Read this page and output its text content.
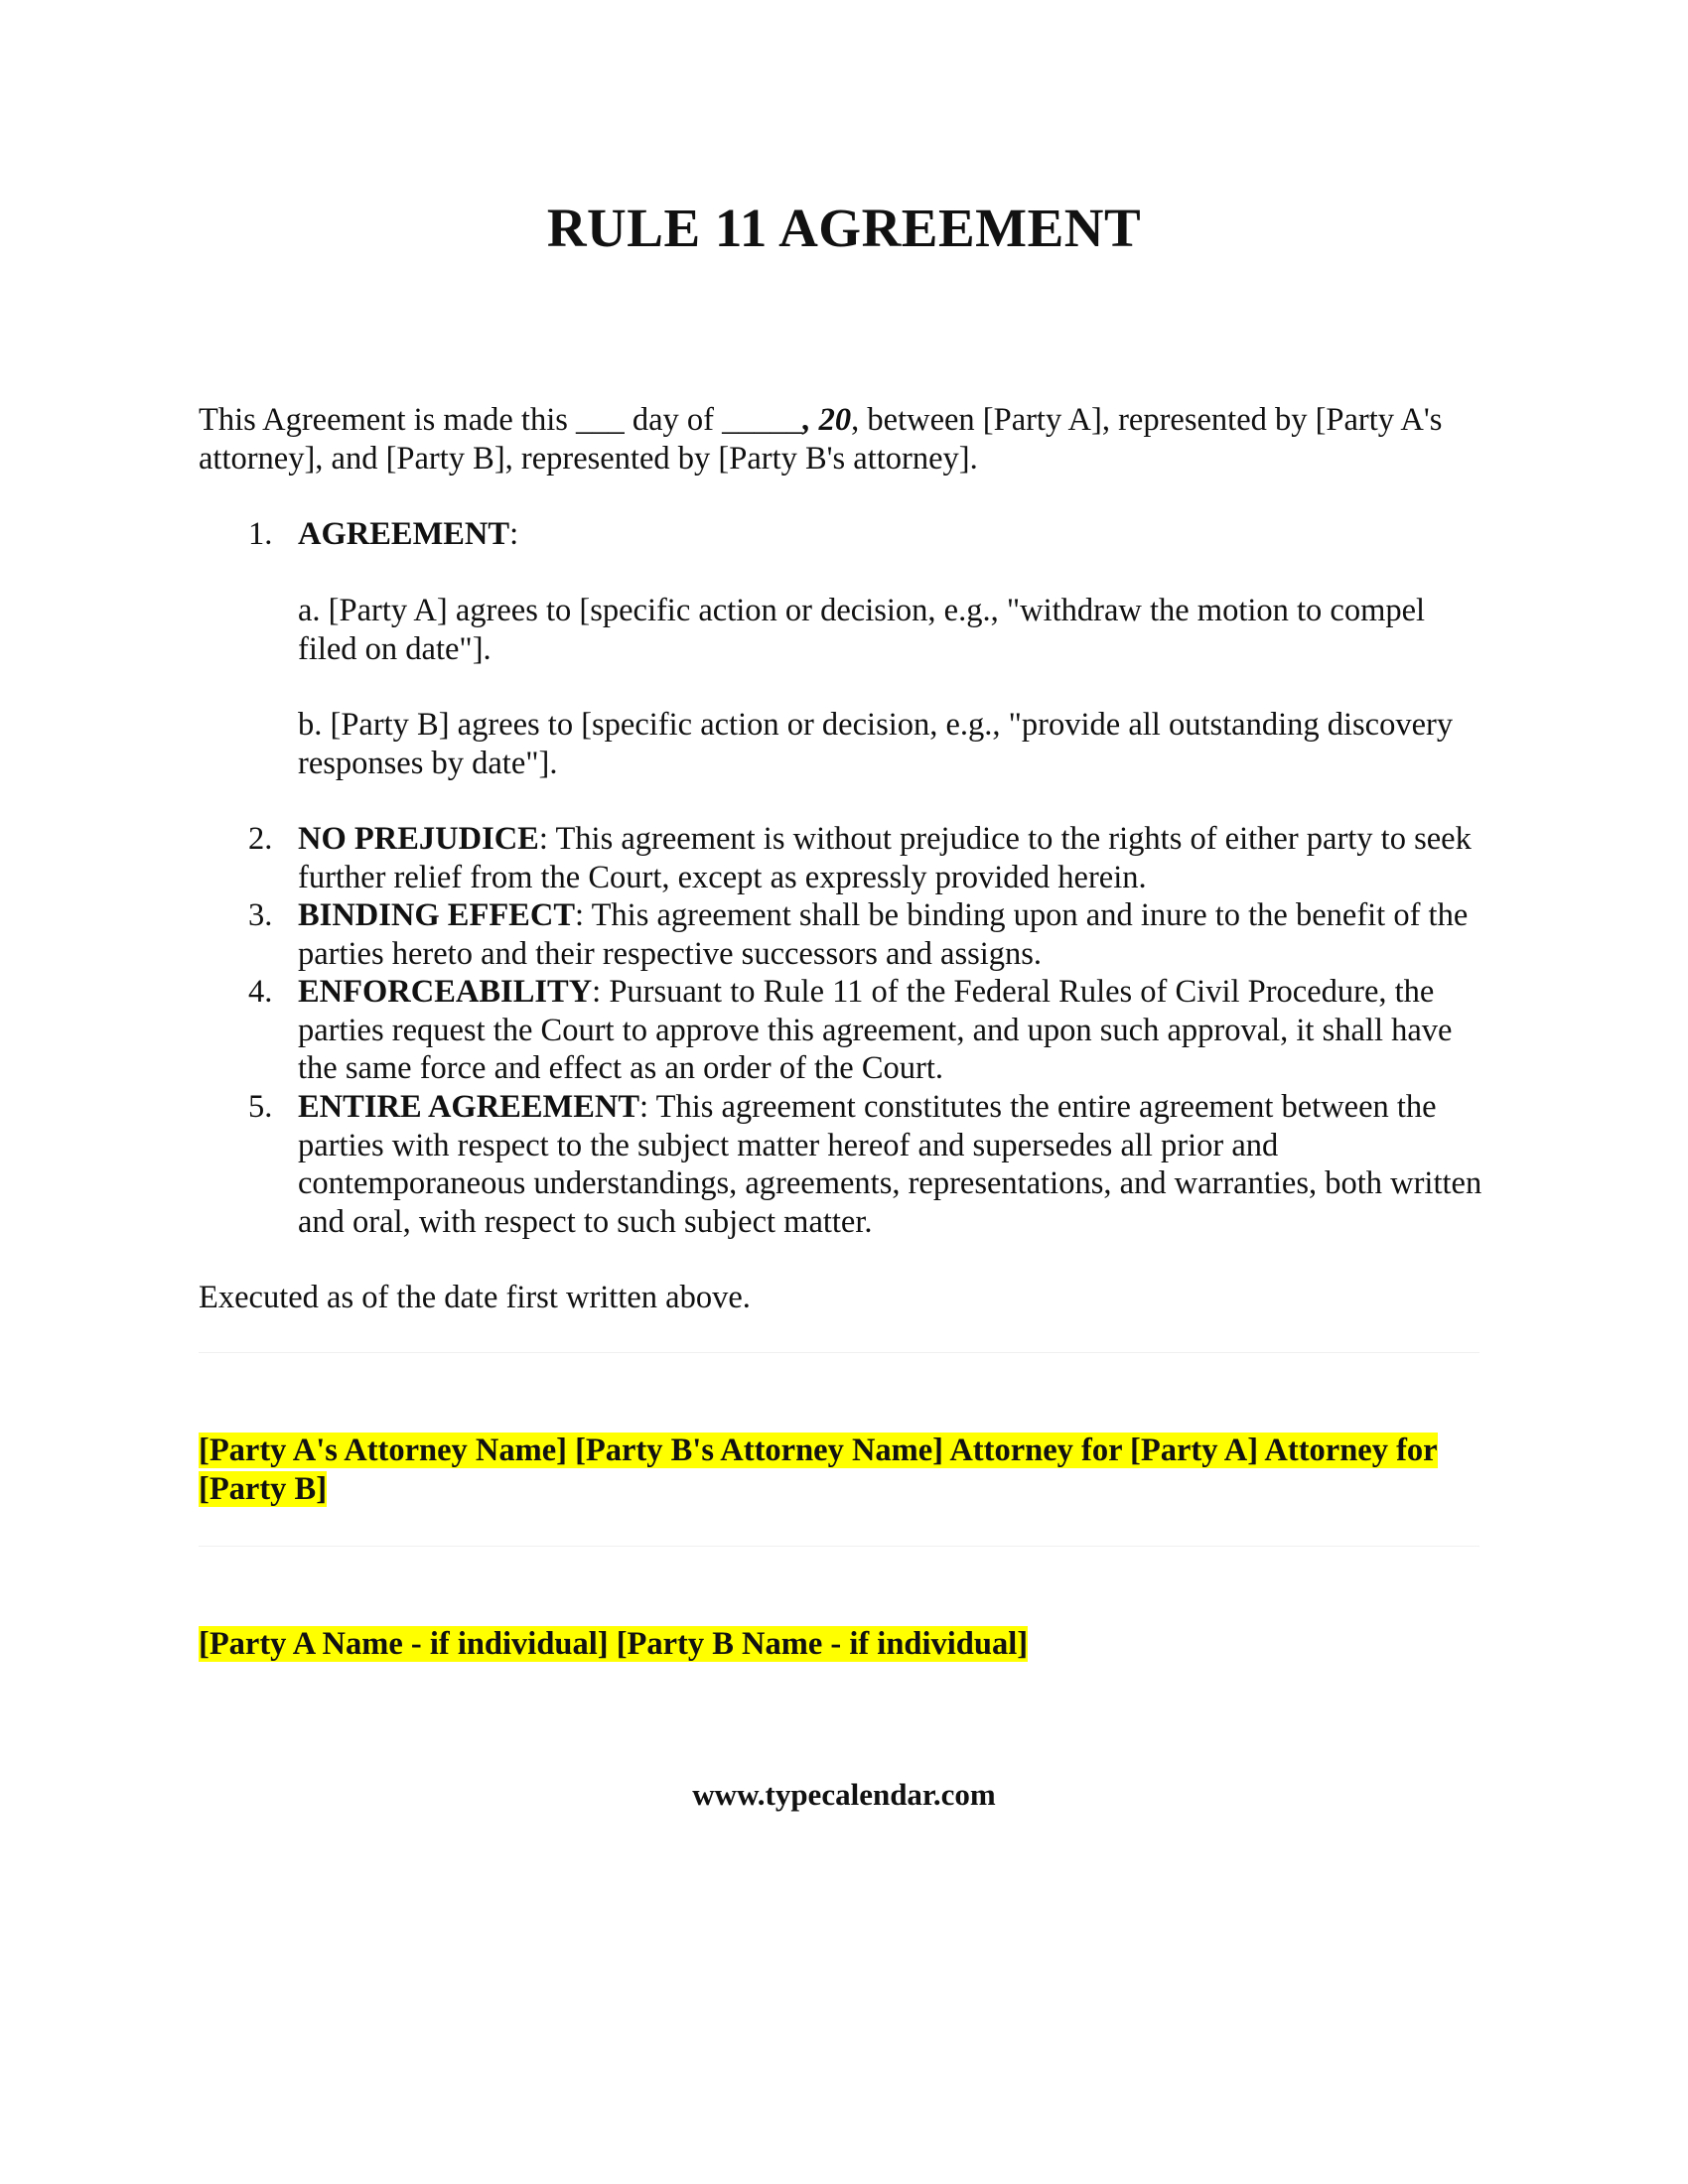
RULE 11 AGREEMENT
This Agreement is made this ___ day of _____, 20, between [Party A], represented by [Party A's attorney], and [Party B], represented by [Party B's attorney].
1. AGREEMENT:
a. [Party A] agrees to [specific action or decision, e.g., "withdraw the motion to compel filed on date"].
b. [Party B] agrees to [specific action or decision, e.g., "provide all outstanding discovery responses by date"].
2. NO PREJUDICE: This agreement is without prejudice to the rights of either party to seek further relief from the Court, except as expressly provided herein.
3. BINDING EFFECT: This agreement shall be binding upon and inure to the benefit of the parties hereto and their respective successors and assigns.
4. ENFORCEABILITY: Pursuant to Rule 11 of the Federal Rules of Civil Procedure, the parties request the Court to approve this agreement, and upon such approval, it shall have the same force and effect as an order of the Court.
5. ENTIRE AGREEMENT: This agreement constitutes the entire agreement between the parties with respect to the subject matter hereof and supersedes all prior and contemporaneous understandings, agreements, representations, and warranties, both written and oral, with respect to such subject matter.
Executed as of the date first written above.
[Party A's Attorney Name] [Party B's Attorney Name] Attorney for [Party A] Attorney for [Party B]
[Party A Name - if individual] [Party B Name - if individual]
www.typecalendar.com
